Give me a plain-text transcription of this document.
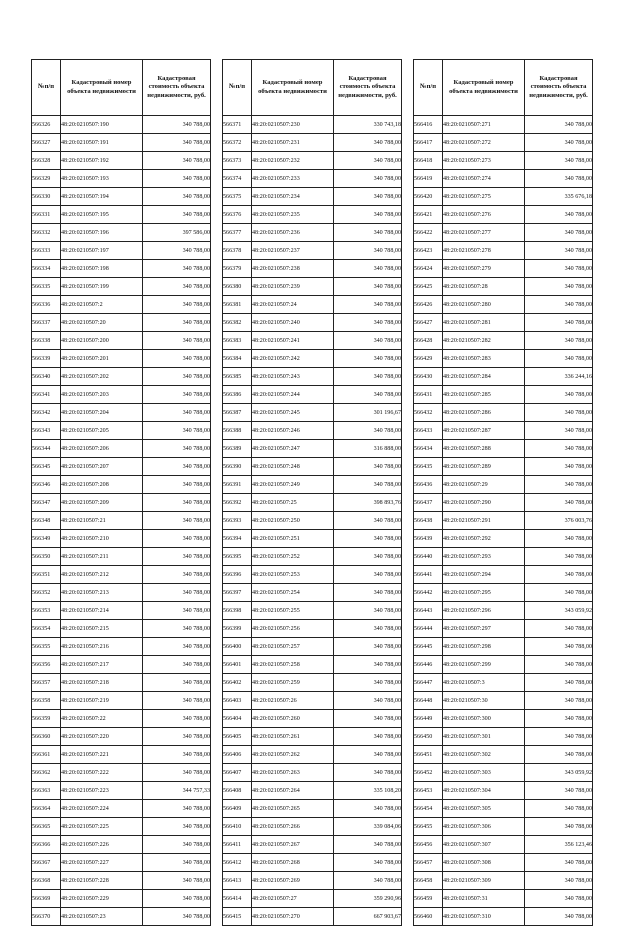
№п/п	Кадастровый номер объекта недвижимости	Кадастровая стоимость объекта недвижимости, руб.
566326	48:20:0210507:190	340 788,00
566327	48:20:0210507:191	340 788,00
566328	48:20:0210507:192	340 788,00
566329	48:20:0210507:193	340 788,00
566330	48:20:0210507:194	340 788,00
566331	48:20:0210507:195	340 788,00
566332	48:20:0210507:196	397 586,00
566333	48:20:0210507:197	340 788,00
566334	48:20:0210507:198	340 788,00
566335	48:20:0210507:199	340 788,00
566336	48:20:0210507:2	340 788,00
566337	48:20:0210507:20	340 788,00
566338	48:20:0210507:200	340 788,00
566339	48:20:0210507:201	340 788,00
566340	48:20:0210507:202	340 788,00
566341	48:20:0210507:203	340 788,00
566342	48:20:0210507:204	340 788,00
566343	48:20:0210507:205	340 788,00
566344	48:20:0210507:206	340 788,00
566345	48:20:0210507:207	340 788,00
566346	48:20:0210507:208	340 788,00
566347	48:20:0210507:209	340 788,00
566348	48:20:0210507:21	340 788,00
566349	48:20:0210507:210	340 788,00
566350	48:20:0210507:211	340 788,00
566351	48:20:0210507:212	340 788,00
566352	48:20:0210507:213	340 788,00
566353	48:20:0210507:214	340 788,00
566354	48:20:0210507:215	340 788,00
566355	48:20:0210507:216	340 788,00
566356	48:20:0210507:217	340 788,00
566357	48:20:0210507:218	340 788,00
566358	48:20:0210507:219	340 788,00
566359	48:20:0210507:22	340 788,00
566360	48:20:0210507:220	340 788,00
566361	48:20:0210507:221	340 788,00
566362	48:20:0210507:222	340 788,00
566363	48:20:0210507:223	344 757,33
566364	48:20:0210507:224	340 788,00
566365	48:20:0210507:225	340 788,00
566366	48:20:0210507:226	340 788,00
566367	48:20:0210507:227	340 788,00
566368	48:20:0210507:228	340 788,00
566369	48:20:0210507:229	340 788,00
566370	48:20:0210507:23	340 788,00
№п/п	Кадастровый номер объекта недвижимости	Кадастровая стоимость объекта недвижимости, руб.
566371	48:20:0210507:230	330 743,18
566372	48:20:0210507:231	340 788,00
566373	48:20:0210507:232	340 788,00
566374	48:20:0210507:233	340 788,00
566375	48:20:0210507:234	340 788,00
566376	48:20:0210507:235	340 788,00
566377	48:20:0210507:236	340 788,00
566378	48:20:0210507:237	340 788,00
566379	48:20:0210507:238	340 788,00
566380	48:20:0210507:239	340 788,00
566381	48:20:0210507:24	340 788,00
566382	48:20:0210507:240	340 788,00
566383	48:20:0210507:241	340 788,00
566384	48:20:0210507:242	340 788,00
566385	48:20:0210507:243	340 788,00
566386	48:20:0210507:244	340 788,00
566387	48:20:0210507:245	301 196,67
566388	48:20:0210507:246	340 788,00
566389	48:20:0210507:247	316 888,00
566390	48:20:0210507:248	340 788,00
566391	48:20:0210507:249	340 788,00
566392	48:20:0210507:25	398 893,76
566393	48:20:0210507:250	340 788,00
566394	48:20:0210507:251	340 788,00
566395	48:20:0210507:252	340 788,00
566396	48:20:0210507:253	340 788,00
566397	48:20:0210507:254	340 788,00
566398	48:20:0210507:255	340 788,00
566399	48:20:0210507:256	340 788,00
566400	48:20:0210507:257	340 788,00
566401	48:20:0210507:258	340 788,00
566402	48:20:0210507:259	340 788,00
566403	48:20:0210507:26	340 788,00
566404	48:20:0210507:260	340 788,00
566405	48:20:0210507:261	340 788,00
566406	48:20:0210507:262	340 788,00
566407	48:20:0210507:263	340 788,00
566408	48:20:0210507:264	335 108,20
566409	48:20:0210507:265	340 788,00
566410	48:20:0210507:266	339 084,06
566411	48:20:0210507:267	340 788,00
566412	48:20:0210507:268	340 788,00
566413	48:20:0210507:269	340 788,00
566414	48:20:0210507:27	359 290,96
566415	48:20:0210507:270	667 903,67
№п/п	Кадастровый номер объекта недвижимости	Кадастровая стоимость объекта недвижимости, руб.
566416	48:20:0210507:271	340 788,00
566417	48:20:0210507:272	340 788,00
566418	48:20:0210507:273	340 788,00
566419	48:20:0210507:274	340 788,00
566420	48:20:0210507:275	335 676,18
566421	48:20:0210507:276	340 788,00
566422	48:20:0210507:277	340 788,00
566423	48:20:0210507:278	340 788,00
566424	48:20:0210507:279	340 788,00
566425	48:20:0210507:28	340 788,00
566426	48:20:0210507:280	340 788,00
566427	48:20:0210507:281	340 788,00
566428	48:20:0210507:282	340 788,00
566429	48:20:0210507:283	340 788,00
566430	48:20:0210507:284	336 244,16
566431	48:20:0210507:285	340 788,00
566432	48:20:0210507:286	340 788,00
566433	48:20:0210507:287	340 788,00
566434	48:20:0210507:288	340 788,00
566435	48:20:0210507:289	340 788,00
566436	48:20:0210507:29	340 788,00
566437	48:20:0210507:290	340 788,00
566438	48:20:0210507:291	376 003,76
566439	48:20:0210507:292	340 788,00
566440	48:20:0210507:293	340 788,00
566441	48:20:0210507:294	340 788,00
566442	48:20:0210507:295	340 788,00
566443	48:20:0210507:296	343 059,92
566444	48:20:0210507:297	340 788,00
566445	48:20:0210507:298	340 788,00
566446	48:20:0210507:299	340 788,00
566447	48:20:0210507:3	340 788,00
566448	48:20:0210507:30	340 788,00
566449	48:20:0210507:300	340 788,00
566450	48:20:0210507:301	340 788,00
566451	48:20:0210507:302	340 788,00
566452	48:20:0210507:303	343 059,92
566453	48:20:0210507:304	340 788,00
566454	48:20:0210507:305	340 788,00
566455	48:20:0210507:306	340 788,00
566456	48:20:0210507:307	356 123,46
566457	48:20:0210507:308	340 788,00
566458	48:20:0210507:309	340 788,00
566459	48:20:0210507:31	340 788,00
566460	48:20:0210507:310	340 788,00
